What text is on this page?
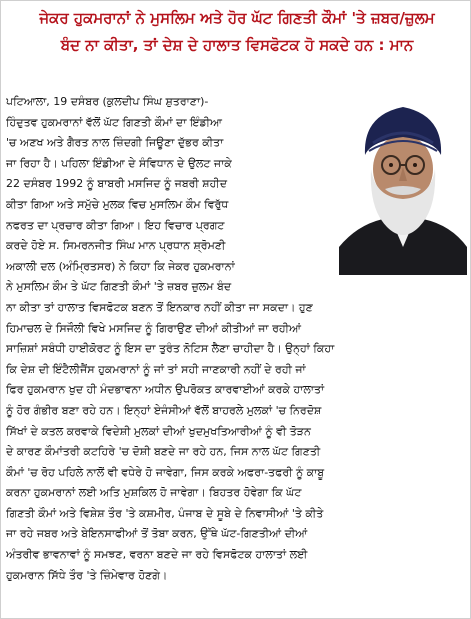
ਜੇਕਰ ਹੁਕਮਰਾਨਾਂ ਨੇ ਮੁਸਲਿਮ ਅਤੇ ਹੋਰ ਘੱਟ ਗਿਣਤੀ ਕੌਮਾਂ 'ਤੇ ਜ਼ਬਰ/ਜ਼ੁਲਮ
ਬੰਦ ਨਾ ਕੀਤਾ, ਤਾਂ ਦੇਸ਼ ਦੇ ਹਾਲਾਤ ਵਿਸਫੋਟਕ ਹੋ ਸਕਦੇ ਹਨ : ਮਾਨ
ਪਟਿਆਲਾ, 19 ਦਸੰਬਰ (ਕੁਲਦੀਪ ਸਿੰਘ ਸ਼ੁਤਰਾਣਾ)-
ਹਿੰਦੁਤਵ ਹੁਕਮਰਾਨਾਂ ਵੱਲੋਂ ਘੱਟ ਗਿਣਤੀ ਕੌਮਾਂ ਦਾ ਇੰਡੀਆ
'ਚ ਅਣਖ ਅਤੇ ਗੈਰਤ ਨਾਲ ਜ਼ਿੰਦਗੀ ਜਿਊਣਾ ਦੁੱਭਰ ਕੀਤਾ
ਜਾ ਰਿਹਾ ਹੈ। ਪਹਿਲਾ ਇੰਡੀਆ ਦੇ ਸੰਵਿਧਾਨ ਦੇ ਉਲਟ ਜਾਕੇ
22 ਦਸੰਬਰ 1992 ਨੂੰ ਬਾਬਰੀ ਮਸਜਿਦ ਨੂੰ ਜਬਰੀ ਸ਼ਹੀਦ
ਕੀਤਾ ਗਿਆ ਅਤੇ ਸਮੁੱਚੇ ਮੁਲਕ ਵਿਚ ਮੁਸਲਿਮ ਕੌਮ ਵਿਰੁੱਧ
ਨਫਰਤ ਦਾ ਪ੍ਰਚਾਰ ਕੀਤਾ ਗਿਆ। ਇਹ ਵਿਚਾਰ ਪ੍ਰਗਟ
ਕਰਦੇ ਹੋਏ ਸ. ਸਿਮਰਨਜੀਤ ਸਿੰਘ ਮਾਨ ਪ੍ਰਧਾਨ ਸ਼੍ਰੋਮਣੀ
ਅਕਾਲੀ ਦਲ (ਅੰਮ੍ਰਿਤਸਰ) ਨੇ ਕਿਹਾ ਕਿ ਜੇਕਰ ਹੁਕਮਰਾਨਾਂ
ਨੇ ਮੁਸਲਿਮ ਕੌਮ ਤੇ ਘੱਟ ਗਿਣਤੀ ਕੌਮਾਂ 'ਤੇ ਜ਼ਬਰ ਜ਼ੁਲਮ ਬੰਦ
ਨਾ ਕੀਤਾ ਤਾਂ ਹਾਲਾਤ ਵਿਸਫੋਟਕ ਬਣਨ ਤੋਂ ਇਨਕਾਰ ਨਹੀਂ ਕੀਤਾ ਜਾ ਸਕਦਾ। ਹੁਣ
ਹਿਮਾਚਲ ਦੇ ਸਿਜੌਲੀ ਵਿਖੇ ਮਸਜਿਦ ਨੂੰ ਗਿਰਾਉਣ ਦੀਆਂ ਕੀਤੀਆਂ ਜਾ ਰਹੀਆਂ
ਸਾਜ਼ਿਸ਼ਾਂ ਸਬੰਧੀ ਹਾਈਕੋਰਟ ਨੂੰ ਇਸ ਦਾ ਤੁਰੰਤ ਨੋਟਿਸ ਲੈਣਾ ਚਾਹੀਦਾ ਹੈ। ਉਨ੍ਹਾਂ ਕਿਹਾ
ਕਿ ਦੇਸ਼ ਦੀ ਇੰਟੈਲੀਜੈਂਸ ਹੁਕਮਰਾਨਾਂ ਨੂੰ ਜਾਂ ਤਾਂ ਸਹੀ ਜਾਣਕਾਰੀ ਨਹੀਂ ਦੇ ਰਹੀ ਜਾਂ
ਫਿਰ ਹੁਕਮਰਾਨ ਖੁਦ ਹੀ ਮੰਦਭਾਵਨਾ ਅਧੀਨ ਉਪਰੋਕਤ ਕਾਰਵਾਈਆਂ ਕਰਕੇ ਹਾਲਾਤਾਂ
ਨੂੰ ਹੋਰ ਗੰਭੀਰ ਬਣਾ ਰਹੇ ਹਨ। ਇਨ੍ਹਾਂ ਏਜੰਸੀਆਂ ਵੱਲੋਂ ਬਾਹਰਲੇ ਮੁਲਕਾਂ 'ਚ ਨਿਰਦੋਸ਼
ਸਿੱਖਾਂ ਦੇ ਕਤਲ ਕਰਵਾਕੇ ਵਿਦੇਸ਼ੀ ਮੁਲਕਾਂ ਦੀਆਂ ਖੁਦਮੁਖਤਿਆਰੀਆਂ ਨੂੰ ਵੀ ਤੋੜਨ
ਦੇ ਕਾਰਣ ਕੌਮਾਂਤਰੀ ਕਟਹਿਰੇ 'ਚ ਦੋਸ਼ੀ ਬਣਦੇ ਜਾ ਰਹੇ ਹਨ, ਜਿਸ ਨਾਲ ਘੱਟ ਗਿਣਤੀ
ਕੌਮਾਂ 'ਚ ਰੋਹ ਪਹਿਲੇ ਨਾਲੋਂ ਵੀ ਵਧੇਰੇ ਹੋ ਜਾਵੇਗਾ, ਜਿਸ ਕਰਕੇ ਅਫਰਾ-ਤਫਰੀ ਨੂੰ ਕਾਬੂ
ਕਰਨਾ ਹੁਕਮਰਾਨਾਂ ਲਈ ਅਤਿ ਮੁਸ਼ਕਿਲ ਹੋ ਜਾਵੇਗਾ। ਬਿਹਤਰ ਹੋਵੇਗਾ ਕਿ ਘੱਟ
ਗਿਣਤੀ ਕੌਮਾਂ ਅਤੇ ਵਿਸ਼ੇਸ਼ ਤੌਰ 'ਤੇ ਕਸ਼ਮੀਰ, ਪੰਜਾਬ ਦੇ ਸੂਬੇ ਦੇ ਨਿਵਾਸੀਆਂ 'ਤੇ ਕੀਤੇ
ਜਾ ਰਹੇ ਜਬਰ ਅਤੇ ਬੇਇਨਸਾਫੀਆਂ ਤੋਂ ਤੋਬਾ ਕਰਨ, ਉੱਥੇ ਘੱਟ-ਗਿਣਤੀਆਂ ਦੀਆਂ
ਅੰਤਰੀਵ ਭਾਵਨਾਵਾਂ ਨੂੰ ਸਮਝਣ, ਵਰਨਾ ਬਣਦੇ ਜਾ ਰਹੇ ਵਿਸਫੋਟਕ ਹਾਲਾਤਾਂ ਲਈ
ਹੁਕਮਰਾਨ ਸਿੱਧੇ ਤੌਰ 'ਤੇ ਜ਼ਿੰਮੇਵਾਰ ਹੋਣਗੇ।
